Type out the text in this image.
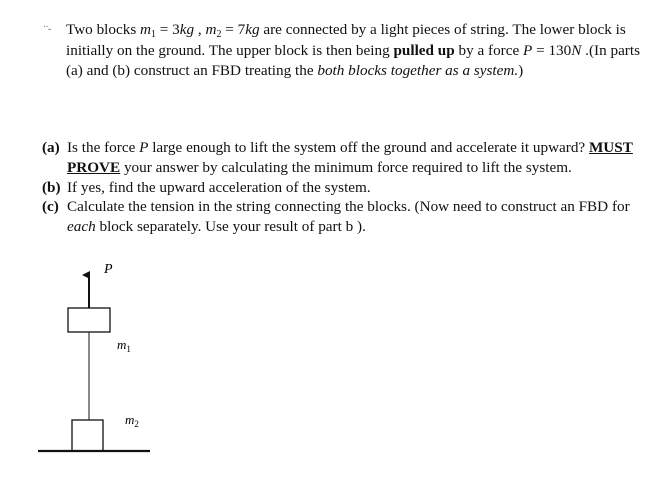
··.. Two blocks $m_1 = 3kg$ , $m_2 = 7kg$ are connected by a light pieces of string. The lower block is initially on the ground. The upper block is then being pulled up by a force P = 130N .(In parts (a) and (b) construct an FBD treating the both blocks together as a system.)
(a) Is the force P large enough to lift the system off the ground and accelerate it upward? MUST PROVE your answer by calculating the minimum force required to lift the system.
(b) If yes, find the upward acceleration of the system.
(c) Calculate the tension in the string connecting the blocks. (Now need to construct an FBD for each block separately. Use your result of part b ).
P
$m_1$
$m_2$
